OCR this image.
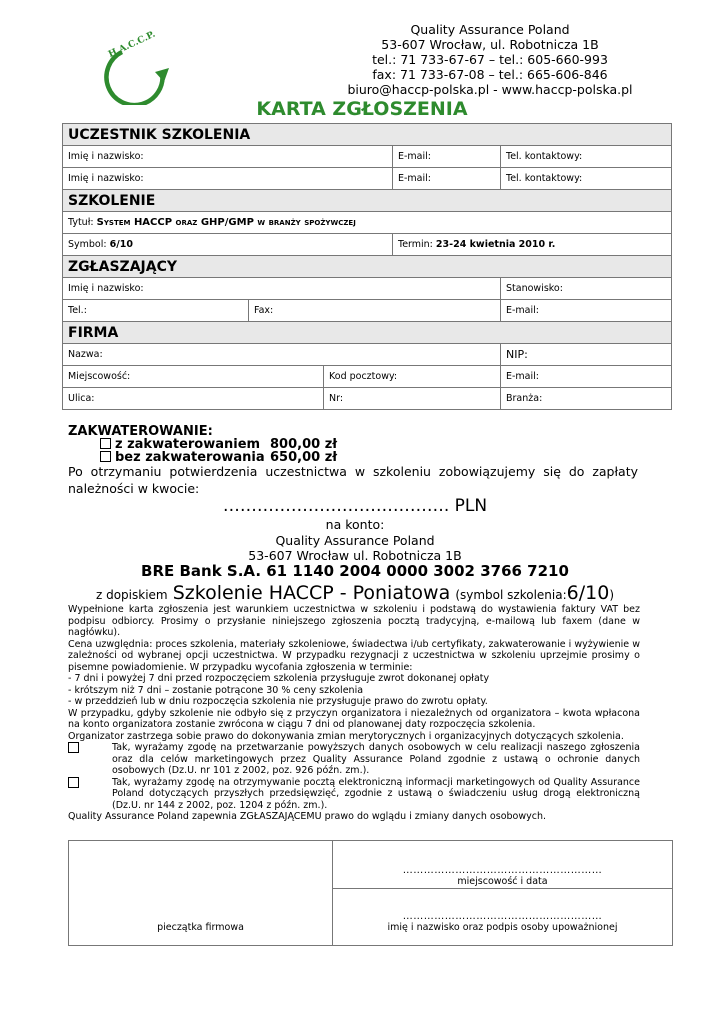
H.A.C.C.P.
Quality Assurance Poland
53-607 Wrocław, ul. Robotnicza 1B
tel.: 71 733-67-67 – tel.: 605-660-993
fax: 71 733-67-08 – tel.: 665-606-846
biuro@haccp-polska.pl - www.haccp-polska.pl
KARTA ZGŁOSZENIA
UCZESTNIK SZKOLENIA				
Imię i nazwisko:			E-mail:	Tel. kontaktowy:
Imię i nazwisko:			E-mail:	Tel. kontaktowy:
SZKOLENIE				
Tytuł: System HACCP oraz GHP/GMP w branży spożywczej				
Symbol: 6/10			Termin: 23-24 kwietnia 2010 r.	
ZGŁASZAJĄCY				
Imię i nazwisko:				Stanowisko:
Tel.:	Fax:			E-mail:
FIRMA				
Nazwa:				NIP:
Miejscowość:		Kod pocztowy:		E-mail:
Ulica:		Nr:		Branża:
ZAKWATEROWANIE:
z zakwaterowaniem 800,00 zł
bez zakwaterowania 650,00 zł
Po otrzymaniu potwierdzenia uczestnictwa w szkoleniu zobowiązujemy się do zapłaty należności w kwocie:
…………………………………. PLN
na konto:
Quality Assurance Poland
53-607 Wrocław ul. Robotnicza 1B
BRE Bank S.A. 61 1140 2004 0000 3002 3766 7210
z dopiskiem Szkolenie HACCP - Poniatowa (symbol szkolenia:6/10)
Wypełnione karta zgłoszenia jest warunkiem uczestnictwa w szkoleniu i podstawą do wystawienia faktury VAT bez podpisu odbiorcy. Prosimy o przysłanie niniejszego zgłoszenia pocztą tradycyjną, e-mailową lub faxem (dane w nagłówku).
Cena uzwględnia: proces szkolenia, materiały szkoleniowe, świadectwa i/ub certyfikaty, zakwaterowanie i wyżywienie w zależności od wybranej opcji uczestnictwa. W przypadku rezygnacji z uczestnictwa w szkoleniu uprzejmie prosimy o pisemne powiadomienie. W przypadku wycofania zgłoszenia w terminie:
- 7 dni i powyżej 7 dni przed rozpoczęciem szkolenia przysługuje zwrot dokonanej opłaty
- krótszym niż 7 dni – zostanie potrącone 30 % ceny szkolenia
- w przeddzień lub w dniu rozpoczęcia szkolenia nie przysługuje prawo do zwrotu opłaty.
W przypadku, gdyby szkolenie nie odbyło się z przyczyn organizatora i niezależnych od organizatora – kwota wpłacona na konto organizatora zostanie zwrócona w ciągu 7 dni od planowanej daty rozpoczęcia szkolenia.
Organizator zastrzega sobie prawo do dokonywania zmian merytorycznych i organizacyjnych dotyczących szkolenia.
Tak, wyrażamy zgodę na przetwarzanie powyższych danych osobowych w celu realizacji naszego zgłoszenia oraz dla celów marketingowych przez Quality Assurance Poland zgodnie z ustawą o ochronie danych osobowych (Dz.U. nr 101 z 2002, poz. 926 późn. zm.).
Tak, wyrażamy zgodę na otrzymywanie pocztą elektroniczną informacji marketingowych od Quality Assurance Poland dotyczących przyszłych przedsięwzięć, zgodnie z ustawą o świadczeniu usług drogą elektroniczną (Dz.U. nr 144 z 2002, poz. 1204 z późn. zm.).
Quality Assurance Poland zapewnia ZGŁASZAJĄCEMU prawo do wglądu i zmiany danych osobowych.
pieczątka firmowa
…………………………………………………
miejscowość i data
…………………………………………………
imię i nazwisko oraz podpis osoby upoważnionej
